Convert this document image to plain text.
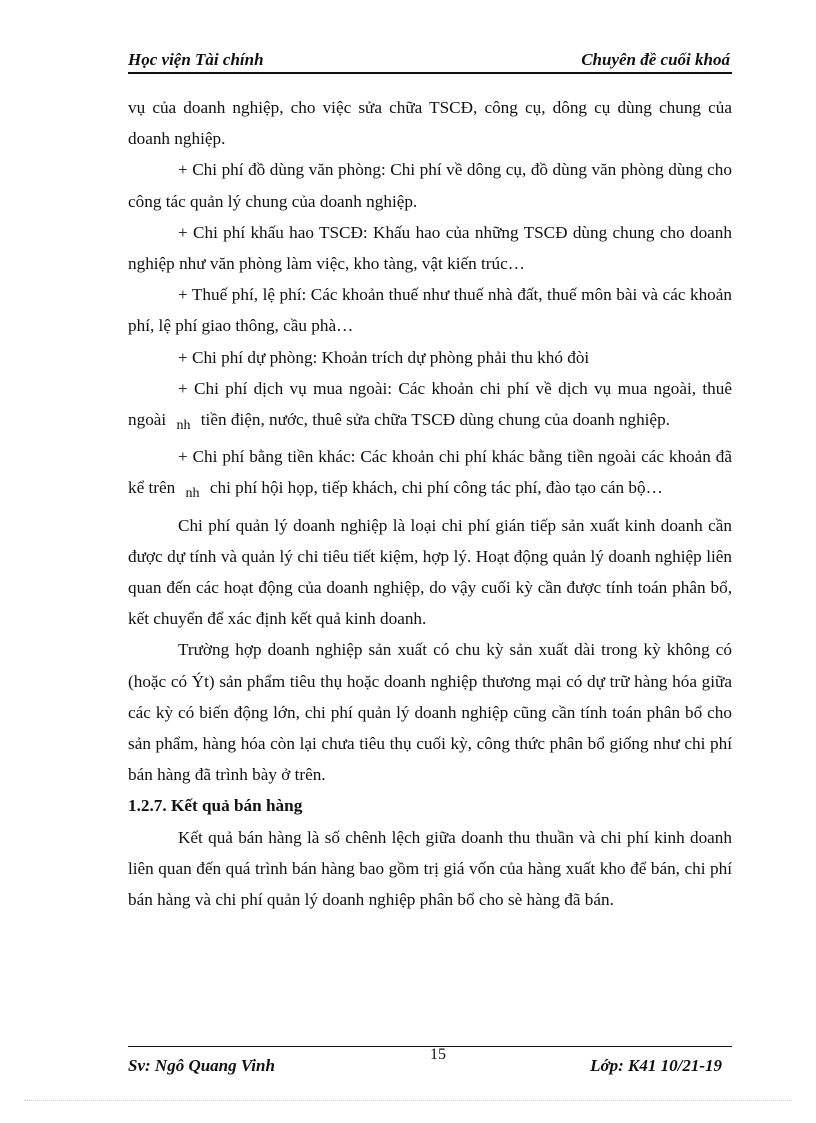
Học viện Tài chính	Chuyên đề cuối khoá

vụ của doanh nghiệp, cho việc sửa chữa TSCĐ, công cụ, dông cụ dùng chung của doanh nghiệp.

+ Chi phí đồ dùng văn phòng: Chi phí về dông cụ, đồ dùng văn phòng dùng cho công tác quản lý chung của doanh nghiệp.

+ Chi phí khấu hao TSCĐ: Khấu hao của những TSCĐ dùng chung cho doanh nghiệp như văn phòng làm việc, kho tàng, vật kiến trúc…

+ Thuế phí, lệ phí: Các khoản thuế như thuế nhà đất, thuế môn bài và các khoản phí, lệ phí giao thông, cầu phà…

+ Chi phí dự phòng: Khoản trích dự phòng phải thu khó đòi

+ Chi phí dịch vụ mua ngoài: Các khoản chi phí về dịch vụ mua ngoài, thuê ngoài $_{nh}$ tiền điện, nước, thuê sửa chữa TSCĐ dùng chung của doanh nghiệp.

+ Chi phí bằng tiền khác: Các khoản chi phí khác bằng tiền ngoài các khoản đã kể trên $_{nh}$ chi phí hội họp, tiếp khách, chi phí công tác phí, đào tạo cán bộ…

Chi phí quản lý doanh nghiệp là loại chi phí gián tiếp sản xuất kinh doanh cần được dự tính và quản lý chi tiêu tiết kiệm, hợp lý. Hoạt động quản lý doanh nghiệp liên quan đến các hoạt động của doanh nghiệp, do vậy cuối kỳ cần được tính toán phân bổ, kết chuyển để xác định kết quả kinh doanh.

Trường hợp doanh nghiệp sản xuất có chu kỳ sản xuất dài trong kỳ không có (hoặc có Ýt) sản phẩm tiêu thụ hoặc doanh nghiệp thương mại có dự trữ hàng hóa giữa các kỳ có biến động lớn, chi phí quản lý doanh nghiệp cũng cần tính toán phân bổ cho sản phẩm, hàng hóa còn lại chưa tiêu thụ cuối kỳ, công thức phân bổ giống như chi phí bán hàng đã trình bày ở trên.

1.2.7. Kết quả bán hàng

Kết quả bán hàng là số chênh lệch giữa doanh thu thuần và chi phí kinh doanh liên quan đến quá trình bán hàng bao gồm trị giá vốn của hàng xuất kho để bán, chi phí bán hàng và chi phí quản lý doanh nghiệp phân bổ cho sè hàng đã bán.

Sv: Ngô Quang Vinh
15
Lớp: K41 10/21-19
